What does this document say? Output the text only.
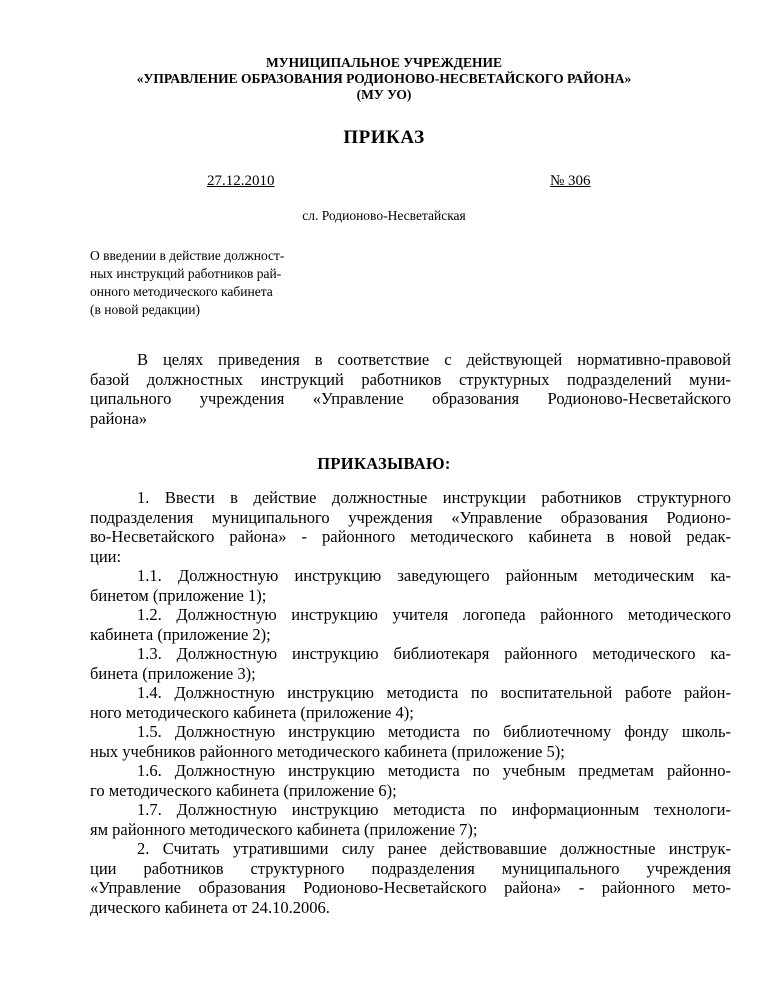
МУНИЦИПАЛЬНОЕ УЧРЕЖДЕНИЕ
«УПРАВЛЕНИЕ ОБРАЗОВАНИЯ РОДИОНОВО-НЕСВЕТАЙСКОГО РАЙОНА»
(МУ УО)
ПРИКАЗ
27.12.2010	№ 306
сл. Родионово-Несветайская
О введении в действие должност-
ных инструкций работников рай-
онного методического кабинета
(в новой редакции)
В целях приведения в соответствие с действующей нормативно-правовой
базой должностных инструкций работников структурных подразделений муни-
ципального учреждения «Управление образования Родионово-Несветайского
района»
ПРИКАЗЫВАЮ:
1. Ввести в действие должностные инструкции работников структурного
подразделения муниципального учреждения «Управление образования Родионо-
во-Несветайского района» - районного методического кабинета в новой редак-
ции:
1.1. Должностную инструкцию заведующего районным методическим ка-
бинетом (приложение 1);
1.2. Должностную инструкцию учителя логопеда районного методического
кабинета (приложение 2);
1.3. Должностную инструкцию библиотекаря районного методического ка-
бинета (приложение 3);
1.4. Должностную инструкцию методиста по воспитательной работе район-
ного методического кабинета (приложение 4);
1.5. Должностную инструкцию методиста по библиотечному фонду школь-
ных учебников районного методического кабинета (приложение 5);
1.6. Должностную инструкцию методиста по учебным предметам районно-
го методического кабинета (приложение 6);
1.7. Должностную инструкцию методиста по информационным технологи-
ям районного методического кабинета (приложение 7);
2. Считать утратившими силу ранее действовавшие должностные инструк-
ции работников структурного подразделения муниципального учреждения
«Управление образования Родионово-Несветайского района» - районного мето-
дического кабинета от 24.10.2006.
